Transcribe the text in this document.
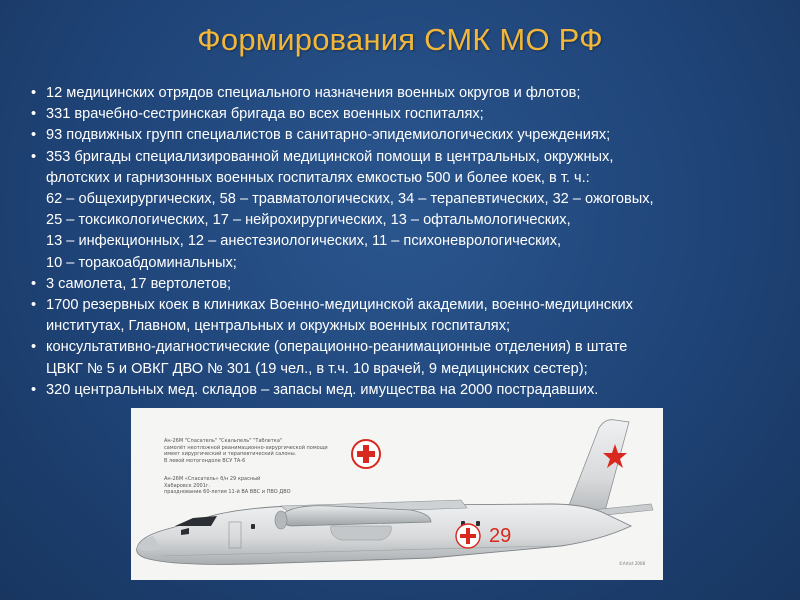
Формирования СМК МО РФ
• 12 медицинских отрядов специального назначения военных округов и флотов;
• 331 врачебно-сестринская бригада во всех военных госпиталях;
• 93 подвижных групп специалистов в санитарно-эпидемиологических учреждениях;
• 353 бригады специализированной медицинской помощи в центральных, окружных,
флотских и гарнизонных военных госпиталях емкостью 500 и более коек, в т. ч.:
62 – общехирургических, 58 – травматологических, 34 – терапевтических, 32 – ожоговых,
25 – токсикологических, 17 – нейрохирургических, 13 – офтальмологических,
13 – инфекционных, 12 – анестезиологических, 11 – психоневрологических,
10 – торакоабдоминальных;
• 3 самолета, 17 вертолетов;
• 1700 резервных коек в клиниках Военно-медицинской академии, военно-медицинских
институтах, Главном, центральных и окружных военных госпиталях;
• консультативно-диагностические (операционно-реанимационные отделения) в штате
ЦВКГ № 5 и ОВКГ ДВО № 301 (19 чел., в т.ч. 10 врачей, 9 медицинских сестер);
• 320 центральных мед. складов – запасы мед. имущества на 2000 пострадавших.
Ан-26М "Спасатель" "Скальпель" "Таблетка"
самолёт неотложной реанимационно-хирургической помощи
имеет хирургический и терапевтический салоны.
В левой мотогондоле ВСУ ТА-6
Ан-26М «Спасатель» б/н 29 красный
Хабаровск 2001г.
празднование 60-летия 11-й ВА ВВС и ПВО ДВО
29
©Artist 2008
